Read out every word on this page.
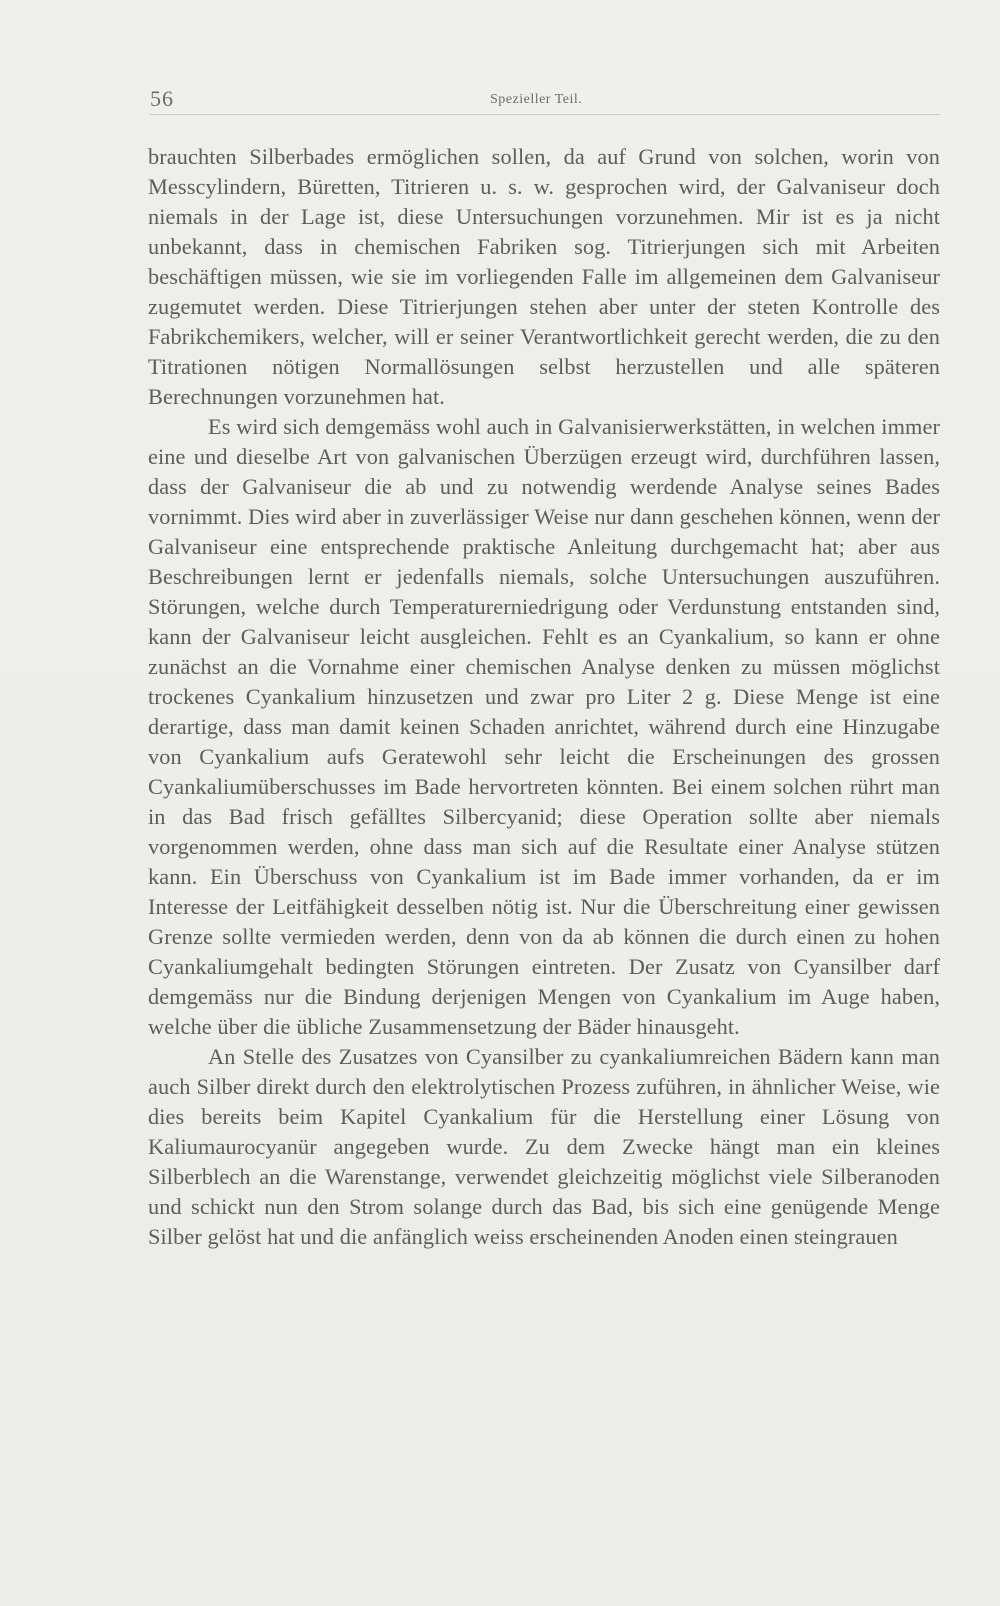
56	Spezieller Teil.

brauchten Silberbades ermöglichen sollen, da auf Grund von solchen, worin von Messcylindern, Büretten, Titrieren u. s. w. gesprochen wird, der Galvaniseur doch niemals in der Lage ist, diese Untersuchungen vorzunehmen. Mir ist es ja nicht unbekannt, dass in chemischen Fabriken sog. Titrierjungen sich mit Arbeiten beschäftigen müssen, wie sie im vorliegenden Falle im allgemeinen dem Galvaniseur zugemutet werden. Diese Titrierjungen stehen aber unter der steten Kontrolle des Fabrikchemikers, welcher, will er seiner Verantwortlichkeit gerecht werden, die zu den Titrationen nötigen Normallösungen selbst herzustellen und alle späteren Berechnungen vorzunehmen hat.

Es wird sich demgemäss wohl auch in Galvanisierwerkstätten, in welchen immer eine und dieselbe Art von galvanischen Überzügen erzeugt wird, durchführen lassen, dass der Galvaniseur die ab und zu notwendig werdende Analyse seines Bades vornimmt. Dies wird aber in zuverlässiger Weise nur dann geschehen können, wenn der Galvaniseur eine entsprechende praktische Anleitung durchgemacht hat; aber aus Beschreibungen lernt er jedenfalls niemals, solche Untersuchungen auszuführen. Störungen, welche durch Temperaturerniedrigung oder Verdunstung entstanden sind, kann der Galvaniseur leicht ausgleichen. Fehlt es an Cyankalium, so kann er ohne zunächst an die Vornahme einer chemischen Analyse denken zu müssen möglichst trockenes Cyankalium hinzusetzen und zwar pro Liter 2 g. Diese Menge ist eine derartige, dass man damit keinen Schaden anrichtet, während durch eine Hinzugabe von Cyankalium aufs Geratewohl sehr leicht die Erscheinungen des grossen Cyankaliumüberschusses im Bade hervortreten könnten. Bei einem solchen rührt man in das Bad frisch gefälltes Silbercyanid; diese Operation sollte aber niemals vorgenommen werden, ohne dass man sich auf die Resultate einer Analyse stützen kann. Ein Überschuss von Cyankalium ist im Bade immer vorhanden, da er im Interesse der Leitfähigkeit desselben nötig ist. Nur die Überschreitung einer gewissen Grenze sollte vermieden werden, denn von da ab können die durch einen zu hohen Cyankaliumgehalt bedingten Störungen eintreten. Der Zusatz von Cyansilber darf demgemäss nur die Bindung derjenigen Mengen von Cyankalium im Auge haben, welche über die übliche Zusammensetzung der Bäder hinausgeht.

An Stelle des Zusatzes von Cyansilber zu cyankaliumreichen Bädern kann man auch Silber direkt durch den elektrolytischen Prozess zuführen, in ähnlicher Weise, wie dies bereits beim Kapitel Cyankalium für die Herstellung einer Lösung von Kaliumaurocyanür angegeben wurde. Zu dem Zwecke hängt man ein kleines Silberblech an die Warenstange, verwendet gleichzeitig möglichst viele Silberanoden und schickt nun den Strom solange durch das Bad, bis sich eine genügende Menge Silber gelöst hat und die anfänglich weiss erscheinenden Anoden einen steingrauen
